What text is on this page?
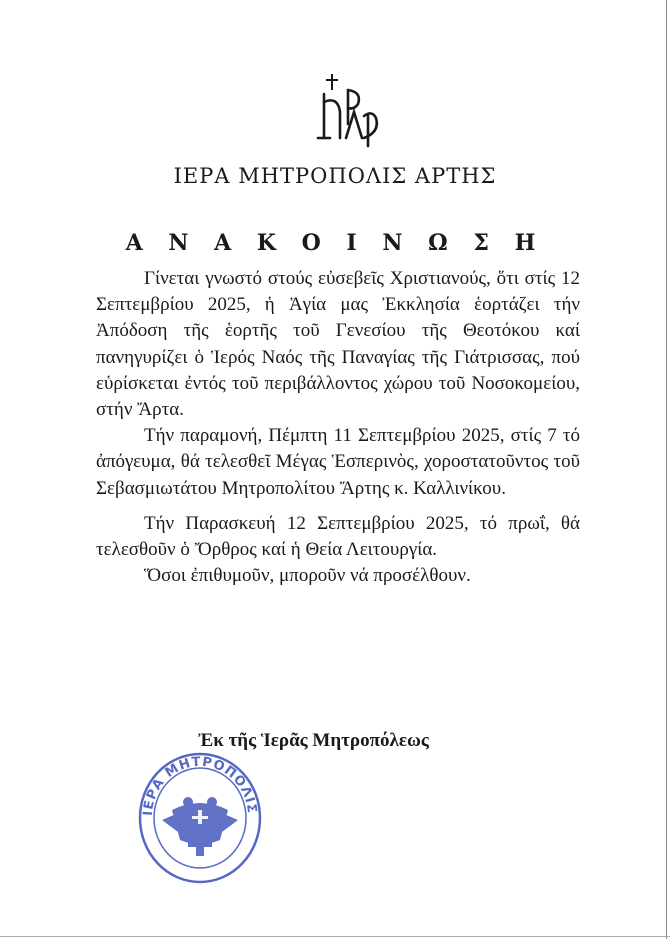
ΙΕΡΑ ΜΗΤΡΟΠΟΛΙΣ ΑΡΤΗΣ
Α Ν Α Κ Ο Ι Ν Ω Σ Η

Γίνεται γνωστό στούς εὐσεβεῖς Χριστιανούς, ὅτι στίς 12 Σεπτεμβρίου 2025, ἡ Ἁγία μας Ἐκκλησία ἑορτάζει τήν Ἀπόδοση τῆς ἑορτῆς τοῦ Γενεσίου τῆς Θεοτόκου καί πανηγυρίζει ὁ Ἱερός Ναός τῆς Παναγίας τῆς Γιάτρισσας, πού εὑρίσκεται ἐντός τοῦ περιβάλλοντος χώρου τοῦ Νοσοκομείου, στήν Ἄρτα.

Τήν παραμονή, Πέμπτη 11 Σεπτεμβρίου 2025, στίς 7 τό ἀπόγευμα, θά τελεσθεῖ Μέγας Ἑσπερινὸς, χοροστατοῦντος τοῦ Σεβασμιωτάτου Μητροπολίτου Ἄρτης κ. Καλλινίκου.

Τήν Παρασκευή 12 Σεπτεμβρίου 2025, τό πρωΐ, θά τελεσθοῦν ὁ Ὄρθρος καί ἡ Θεία Λειτουργία.

Ὅσοι ἐπιθυμοῦν, μποροῦν νά προσέλθουν.

Ἐκ τῆς Ἱερᾶς Μητροπόλεως
ΙΕΡΑ ΜΗΤΡΟΠΟΛΙΣ
